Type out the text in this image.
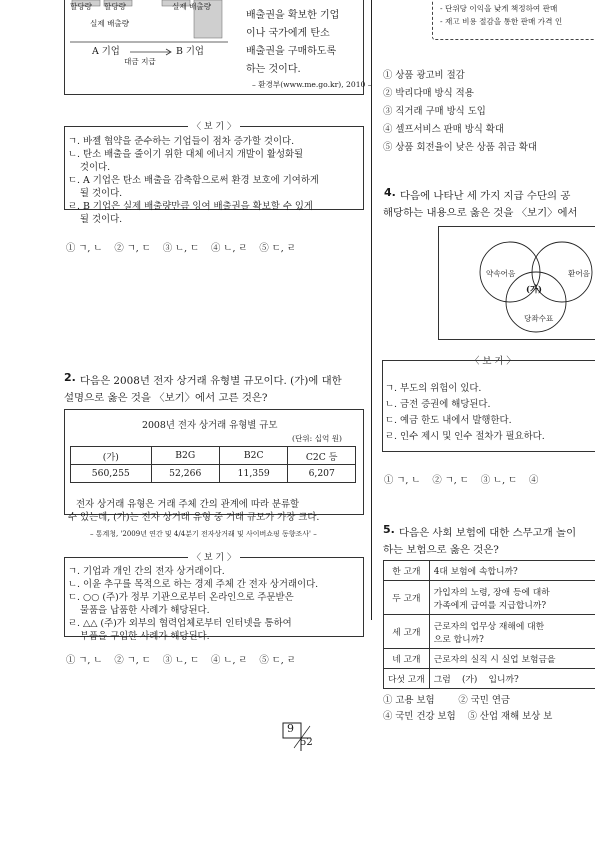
할당량 할당량
실제 배출량
실제 배출량
A 기업	B 기업
대금 지급
배출권을 확보한 기업
이나 국가에게 탄소
배출권을 구매하도록
하는 것이다.
– 환경부(www.me.go.kr), 2010 –
〈 보 기 〉
ㄱ. 바젤 협약을 준수하는 기업들이 점차 증가할 것이다.
ㄴ. 탄소 배출을 줄이기 위한 대체 에너지 개발이 활성화될
것이다.
ㄷ. A 기업은 탄소 배출을 감축함으로써 환경 보호에 기여하게
될 것이다.
ㄹ. B 기업은 실제 배출량만큼 잉여 배출권을 확보할 수 있게
될 것이다.
① ㄱ, ㄴ    ② ㄱ, ㄷ    ③ ㄴ, ㄷ    ④ ㄴ, ㄹ    ⑤ ㄷ, ㄹ
2. 다음은 2008년 전자 상거래 유형별 규모이다. (가)에 대한
설명으로 옳은 것을 〈보기〉에서 고른 것은?
2008년 전자 상거래 유형별 규모
(단위: 십억 원)
(가)	B2G	B2C	C2C 등
560,255	52,266	11,359	6,207
전자 상거래 유형은 거래 주체 간의 관계에 따라 분류할
수 있는데, (가)는 전자 상거래 유형 중 거래 규모가 가장 크다.
– 통계청, '2009년 연간 및 4/4분기 전자상거래 및 사이버쇼핑 동향조사' –
〈 보 기 〉
ㄱ. 기업과 개인 간의 전자 상거래이다.
ㄴ. 이윤 추구를 목적으로 하는 경제 주체 간 전자 상거래이다.
ㄷ. ○○ (주)가 정부 기관으로부터 온라인으로 주문받은
물품을 납품한 사례가 해당된다.
ㄹ. △△ (주)가 외부의 협력업체로부터 인터넷을 통하여
부품을 구입한 사례가 해당된다.
① ㄱ, ㄴ    ② ㄱ, ㄷ    ③ ㄴ, ㄷ    ④ ㄴ, ㄹ    ⑤ ㄷ, ㄹ
- 단위당 이익을 낮게 책정하여 판매
- 재고 비용 절감을 통한 판매 가격 인
① 상품 광고비 절감
② 박리다매 방식 적용
③ 직거래 구매 방식 도입
④ 셀프서비스 판매 방식 확대
⑤ 상품 회전율이 낮은 상품 취급 확대
4. 다음에 나타난 세 가지 지급 수단의 공
해당하는 내용으로 옳은 것을 〈보기〉에서
약속어음	환어음
당좌수표
(가)
〈 보 기 〉
ㄱ. 부도의 위험이 있다.
ㄴ. 금전 증권에 해당된다.
ㄷ. 예금 한도 내에서 발행한다.
ㄹ. 인수 제시 및 인수 절차가 필요하다.
① ㄱ, ㄴ    ② ㄱ, ㄷ    ③ ㄴ, ㄷ    ④
5. 다음은 사회 보험에 대한 스무고개 놀이
하는 보험으로 옳은 것은?
한 고개	4대 보험에 속합니까?
두 고개	가입자의 노령, 장애 등에 대하
가족에게 급여를 지급합니까?

세 고개	근로자의 업무상 재해에 대한
으로 합니까?

네 고개	근로자의 실직 시 실업 보험금을
다섯 고개	그럼    (가)    입니까?
① 고용 보험        ② 국민 연금
④ 국민 건강 보험    ⑤ 산업 재해 보상 보
9
52
